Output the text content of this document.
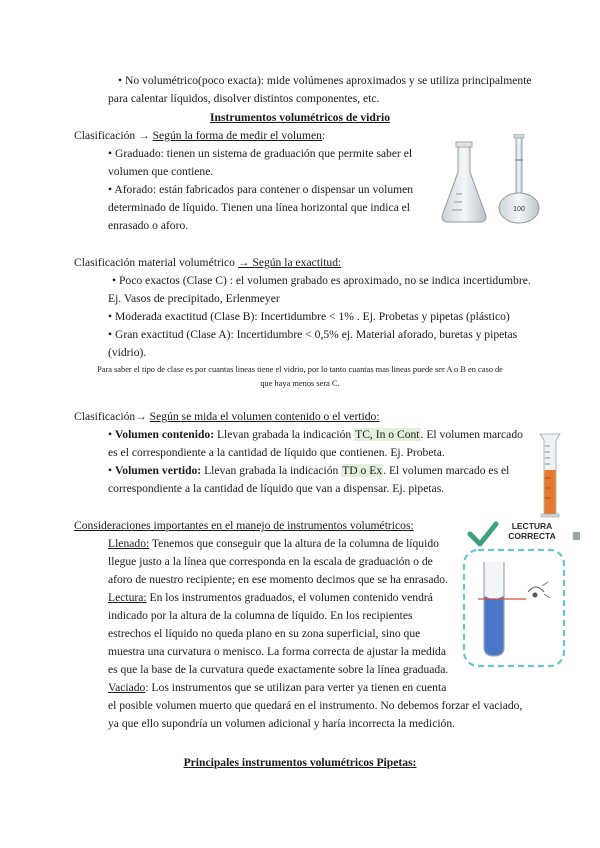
• No volumétrico(poco exacta): mide volúmenes aproximados y se utiliza principalmente
para calentar líquidos, disolver distintos componentes, etc.
Instrumentos volumétricos de vidrio
Clasificación → Según la forma de medir el volumen:
• Graduado: tienen un sistema de graduación que permite saber el
volumen que contiene.
• Aforado: están fabricados para contener o dispensar un volumen
determinado de líquido. Tienen una línea horizontal que indica el
enrasado o aforo.
100
Clasificación material volumétrico → Según la exactitud:
• Poco exactos (Clase C) : el volumen grabado es aproximado, no se indica incertidumbre.
Ej. Vasos de precipitado, Erlenmeyer
• Moderada exactitud (Clase B): Incertidumbre < 1% . Ej. Probetas y pipetas (plástico)
• Gran exactitud (Clase A): Incertidumbre < 0,5% ej. Material aforado, buretas y pipetas
(vidrio).
Para saber el tipo de clase es por cuantas lineas tiene el vidrio, por lo tanto cuantas mas lineas puede ser A o B en caso de
que haya menos sera C.
Clasificación→ Según se mida el volumen contenido o el vertido:
• Volumen contenido: Llevan grabada la indicación TC, In o Cont. El volumen marcado
es el correspondiente a la cantidad de líquido que contienen. Ej. Probeta.
• Volumen vertido: Llevan grabada la indicación TD o Ex. El volumen marcado es el
correspondiente a la cantidad de líquido que van a dispensar. Ej. pipetas.
Consideraciones importantes en el manejo de instrumentos volumétricos:
Llenado: Tenemos que conseguir que la altura de la columna de líquido
llegue justo a la línea que corresponda en la escala de graduación o de
aforo de nuestro recipiente; en ese momento decimos que se ha enrasado.
Lectura: En los instrumentos graduados, el volumen contenido vendrá
indicado por la altura de la columna de líquido. En los recipientes
estrechos el líquido no queda plano en su zona superficial, sino que
muestra una curvatura o menisco. La forma correcta de ajustar la medida
es que la base de la curvatura quede exactamente sobre la línea graduada.
Vaciado: Los instrumentos que se utilizan para verter ya tienen en cuenta
el posible volumen muerto que quedará en el instrumento. No debemos forzar el vaciado,
ya que ello supondría un volumen adicional y haría incorrecta la medición.
LECTURA
CORRECTA
Principales instrumentos volumétricos Pipetas:
